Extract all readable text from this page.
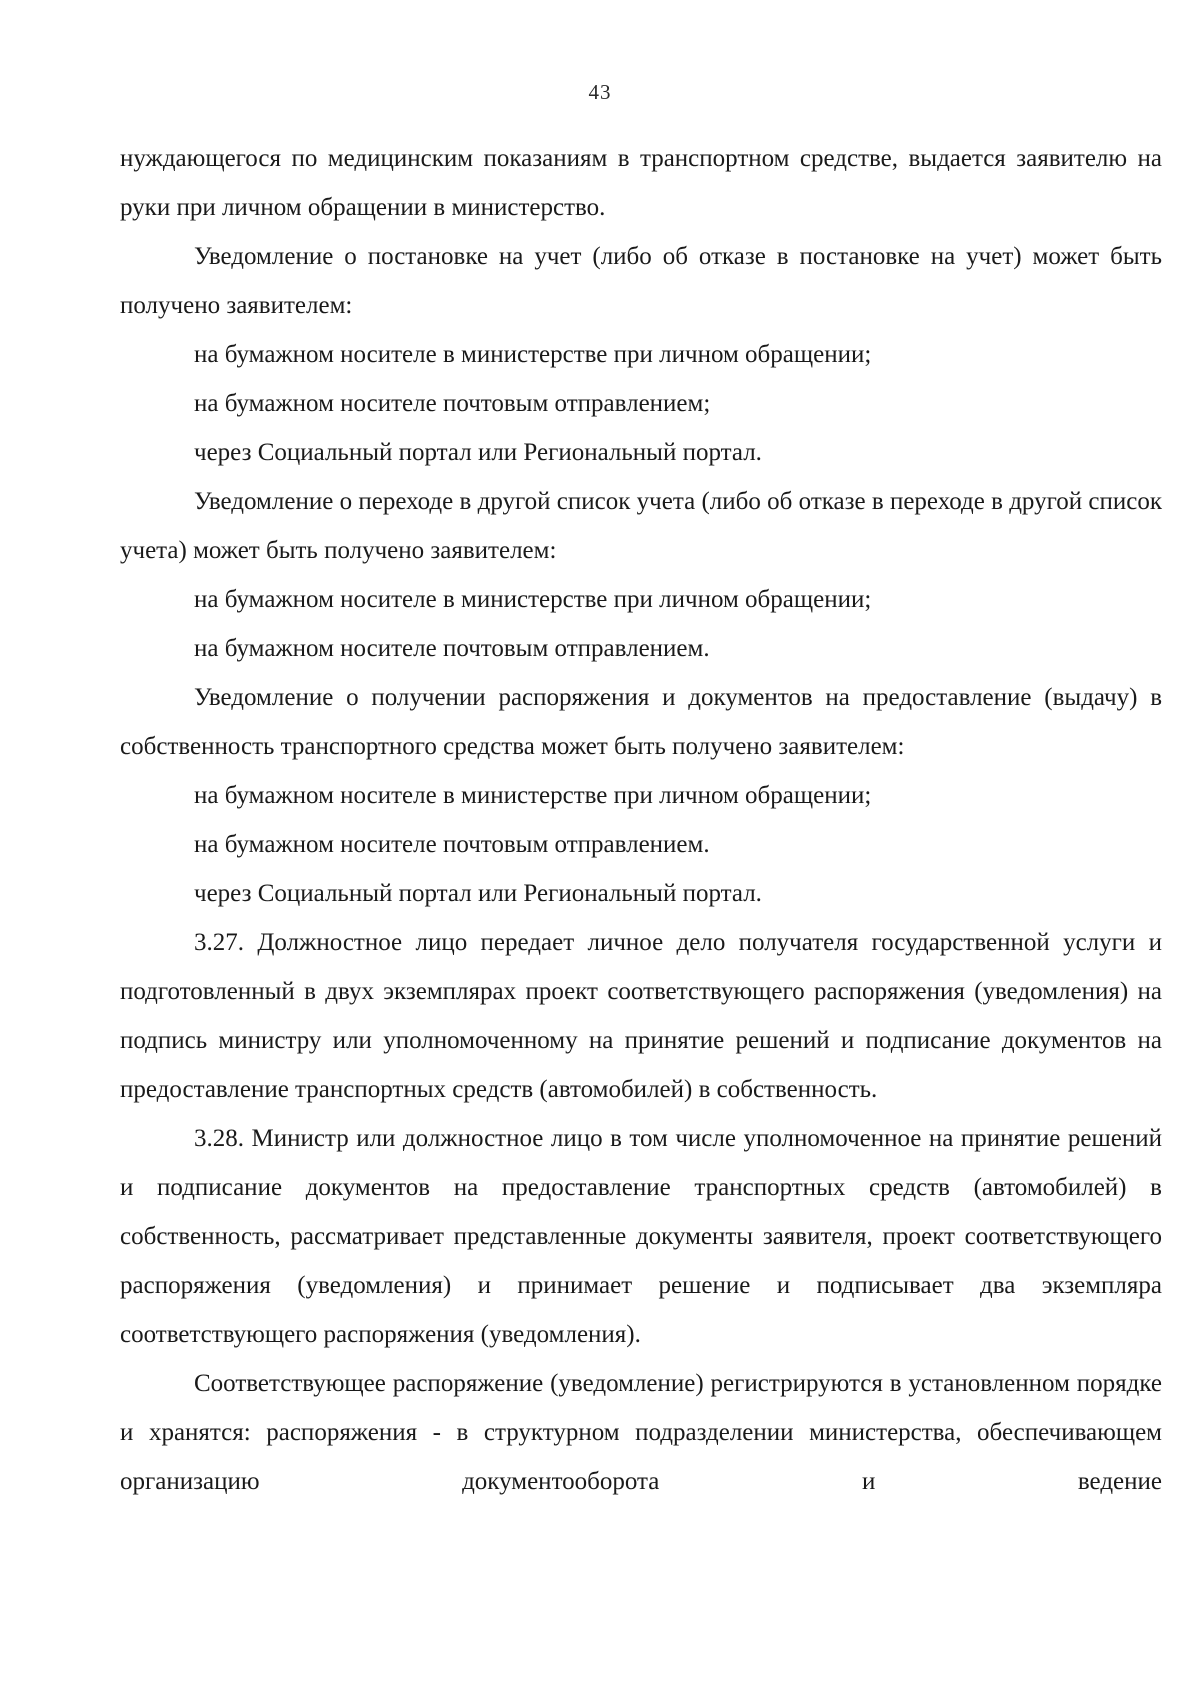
43

нуждающегося по медицинским показаниям в транспортном средстве, выдается заявителю на руки при личном обращении в министерство.

Уведомление о постановке на учет (либо об отказе в постановке на учет) может быть получено заявителем:

на бумажном носителе в министерстве при личном обращении;

на бумажном носителе почтовым отправлением;

через Социальный портал или Региональный портал.

Уведомление о переходе в другой список учета (либо об отказе в переходе в другой список учета) может быть получено заявителем:

на бумажном носителе в министерстве при личном обращении;

на бумажном носителе почтовым отправлением.

Уведомление о получении распоряжения и документов на предоставление (выдачу) в собственность транспортного средства может быть получено заявителем:

на бумажном носителе в министерстве при личном обращении;

на бумажном носителе почтовым отправлением.

через Социальный портал или Региональный портал.

3.27. Должностное лицо передает личное дело получателя государственной услуги и подготовленный в двух экземплярах проект соответствующего распоряжения (уведомления) на подпись министру или уполномоченному на принятие решений и подписание документов на предоставление транспортных средств (автомобилей) в собственность.

3.28. Министр или должностное лицо в том числе уполномоченное на принятие решений и подписание документов на предоставление транспортных средств (автомобилей) в собственность, рассматривает представленные документы заявителя, проект соответствующего распоряжения (уведомления) и принимает решение и подписывает два экземпляра соответствующего распоряжения (уведомления).

Соответствующее распоряжение (уведомление) регистрируются в установленном порядке и хранятся: распоряжения - в структурном подразделении министерства, обеспечивающем организацию документооборота и ведение
